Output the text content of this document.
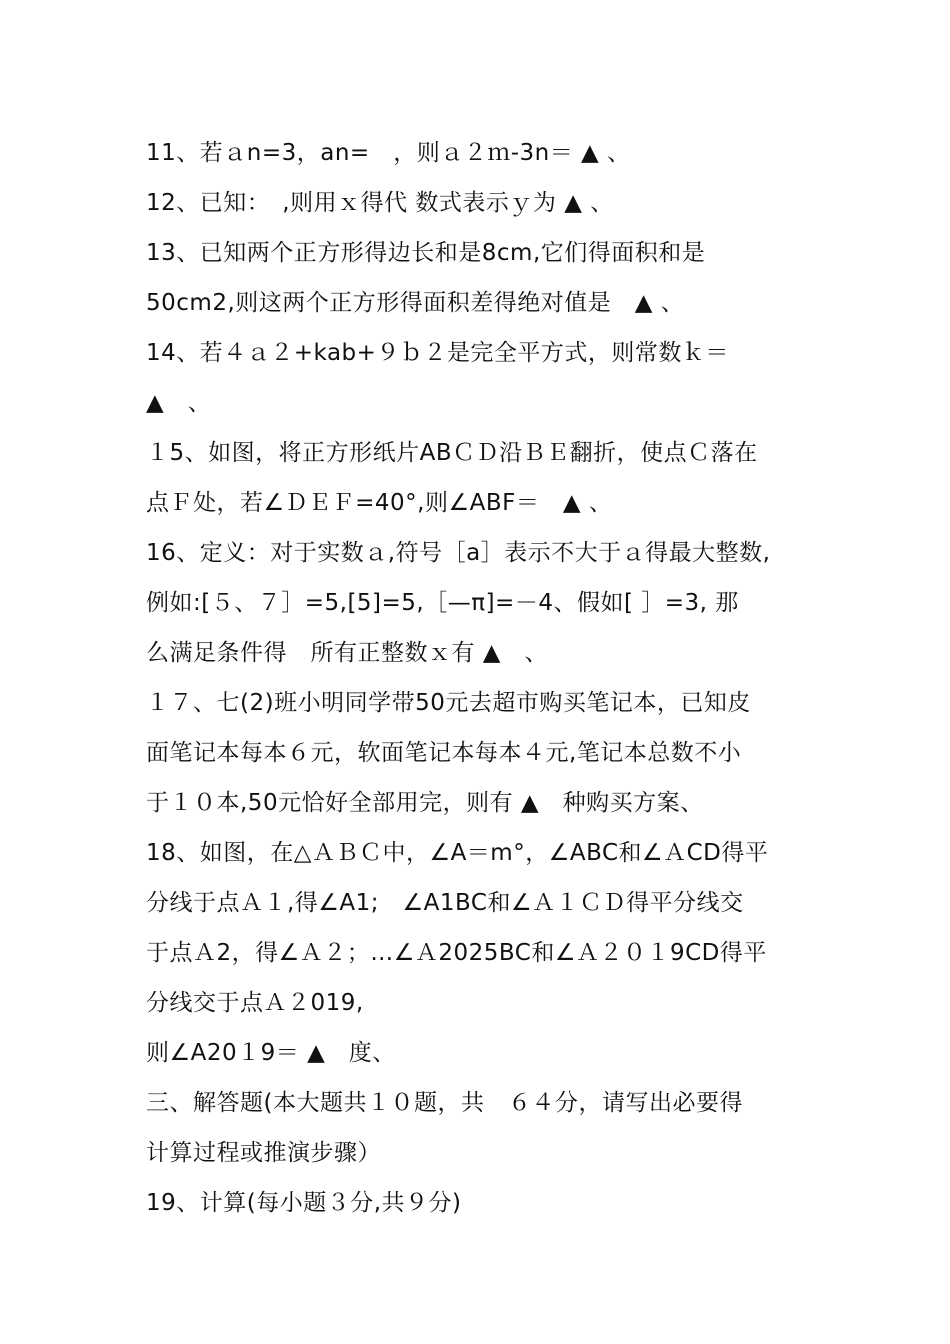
11、若ａn=3，an=　，则ａ２ｍ-3n＝ ▲ 、
12、已知：　,则用ｘ得代 数式表示ｙ为 ▲ 、
13、已知两个正方形得边长和是8cm,它们得面积和是
50cm2,则这两个正方形得面积差得绝对值是　▲ 、
14、若４ａ２+kab+９ｂ２是完全平方式，则常数ｋ＝
▲　、
１5、如图，将正方形纸片ABＣＤ沿ＢＥ翻折，使点Ｃ落在
点Ｆ处，若∠ＤＥＦ=40°,则∠ABF＝　▲ 、
16、定义：对于实数ａ,符号［a］表示不大于ａ得最大整数,
例如:[５、７］=5,[5]=5,［—π]=－4、假如[ ］=3, 那
么满足条件得　所有正整数ｘ有 ▲　、
１７、七(2)班小明同学带50元去超市购买笔记本，已知皮
面笔记本每本６元，软面笔记本每本４元,笔记本总数不小
于１０本,50元恰好全部用完，则有 ▲　种购买方案、
18、如图，在△ＡＢＣ中，∠A＝m°，∠ABC和∠ＡCD得平
分线于点Ａ１,得∠A1;　∠A1BC和∠Ａ１ＣＤ得平分线交
于点Ａ2，得∠Ａ２；…∠Ａ2025BC和∠Ａ２０１9CD得平
分线交于点Ａ２019,
则∠A20１9＝ ▲　度、
三、解答题(本大题共１０题，共　６４分，请写出必要得
计算过程或推演步骤）
19、计算(每小题３分,共９分)
